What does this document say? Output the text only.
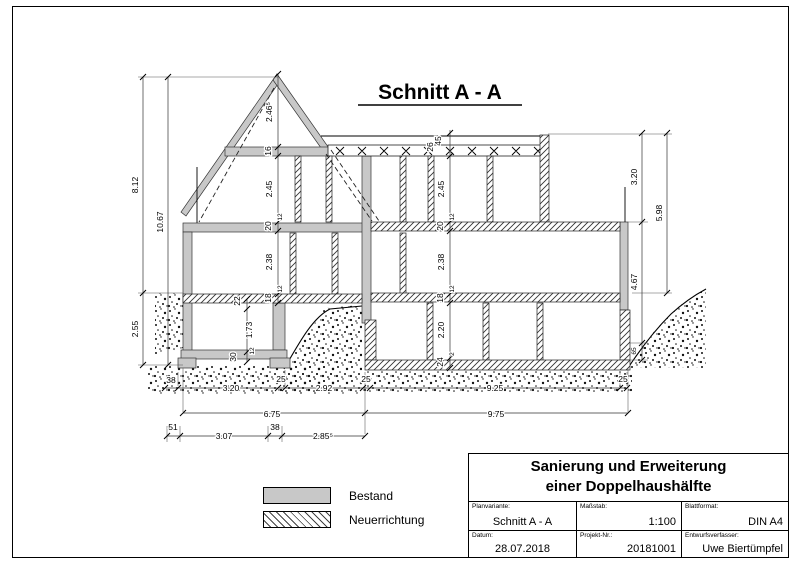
Schnitt A - A
8.12
10.67
2.55
2.46⁵
16
2.45
20
12
2.38
18
12
22
1.73
30
12
45
26
2.45
20
12
2.38
18
12
2.20
24
2
3.20
4.67
65
5.98
38
3.20
25
2.92
25
9.25
25
6.75	9.75
51
3.07
38
2.85⁵
Bestand
Neuerrichtung
Sanierung und Erweiterung
einer Doppelhaushälfte
Planvariante:
Schnitt A - A
Maßstab:
1:100
Blattformat:
DIN A4
Datum:
28.07.2018
Projekt-Nr.:
20181001
Entwurfsverfasser:
Uwe Biertümpfel
